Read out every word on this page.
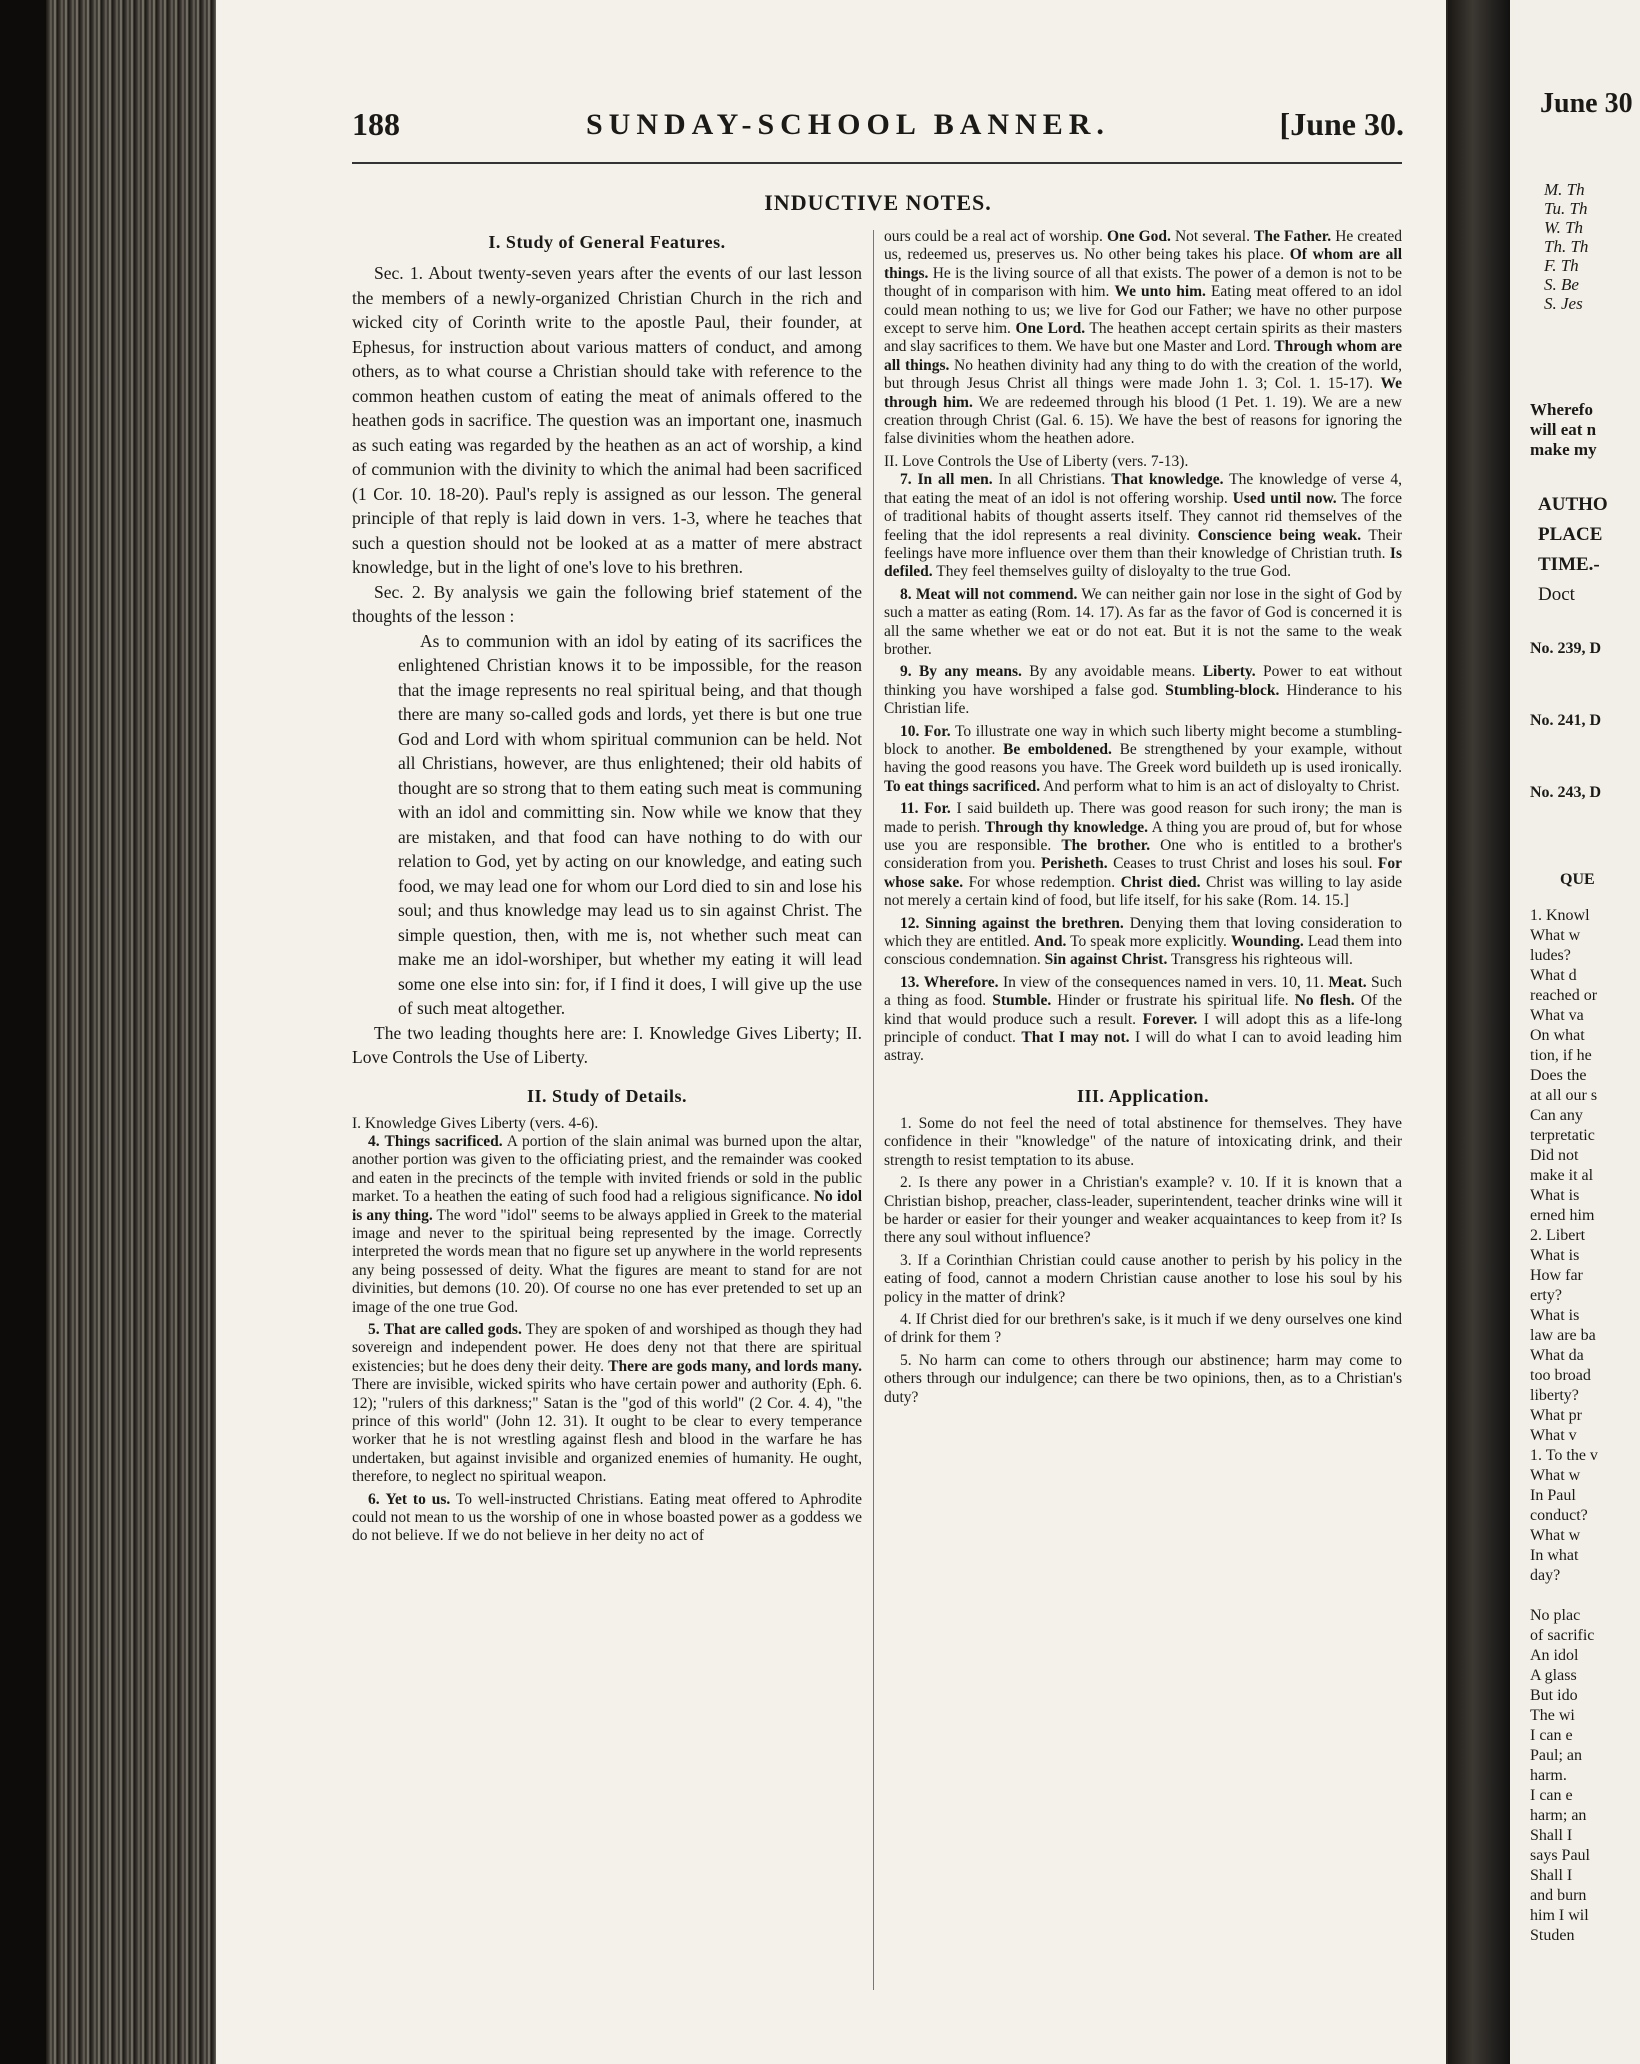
June 30
M. Th
Tu. Th
W. Th
Th. Th
F. Th
S. Be
S. Jes
Wherefo
will eat n
make my
AUTHO
PLACE
TIME.-
Doct
No. 239, D
No. 241, D
No. 243, D
QUE
1. Knowl
What w
ludes?
What d
reached or
What va
On what
tion, if he
Does the
at all our s
Can any
terpretatic
Did not
make it al
What is
erned him
2. Libert
What is
How far
erty?
What is
law are ba
What da
too broad
liberty?
What pr
What v
1. To the v
What w
In Paul
conduct?
What w
In what
day?
No plac
of sacrific
An idol
A glass
But ido
The wi
I can e
Paul; an
harm.
I can e
harm; an
Shall I
says Paul
Shall I
and burn
him I wil
Studen
188	SUNDAY-SCHOOL BANNER.	[June 30.
INDUCTIVE NOTES.
I. Study of General Features.

Sec. 1. About twenty-seven years after the events of our last lesson the members of a newly-organized Christian Church in the rich and wicked city of Corinth write to the apostle Paul, their founder, at Ephesus, for instruction about various matters of conduct, and among others, as to what course a Christian should take with reference to the common heathen custom of eating the meat of animals offered to the heathen gods in sacrifice. The question was an important one, inasmuch as such eating was regarded by the heathen as an act of worship, a kind of communion with the divinity to which the animal had been sacrificed (1 Cor. 10. 18-20). Paul's reply is assigned as our lesson. The general principle of that reply is laid down in vers. 1-3, where he teaches that such a question should not be looked at as a matter of mere abstract knowledge, but in the light of one's love to his brethren.

Sec. 2. By analysis we gain the following brief statement of the thoughts of the lesson :

As to communion with an idol by eating of its sacrifices the enlightened Christian knows it to be impossible, for the reason that the image represents no real spiritual being, and that though there are many so-called gods and lords, yet there is but one true God and Lord with whom spiritual communion can be held. Not all Christians, however, are thus enlightened; their old habits of thought are so strong that to them eating such meat is communing with an idol and committing sin. Now while we know that they are mistaken, and that food can have nothing to do with our relation to God, yet by acting on our knowledge, and eating such food, we may lead one for whom our Lord died to sin and lose his soul; and thus knowledge may lead us to sin against Christ. The simple question, then, with me is, not whether such meat can make me an idol-worshiper, but whether my eating it will lead some one else into sin: for, if I find it does, I will give up the use of such meat altogether.

The two leading thoughts here are: I. Knowledge Gives Liberty; II. Love Controls the Use of Liberty.

II. Study of Details.

I. Knowledge Gives Liberty (vers. 4-6).

4. Things sacrificed. A portion of the slain animal was burned upon the altar, another portion was given to the officiating priest, and the remainder was cooked and eaten in the precincts of the temple with invited friends or sold in the public market. To a heathen the eating of such food had a religious significance. No idol is any thing. The word "idol" seems to be always applied in Greek to the material image and never to the spiritual being represented by the image. Correctly interpreted the words mean that no figure set up anywhere in the world represents any being possessed of deity. What the figures are meant to stand for are not divinities, but demons (10. 20). Of course no one has ever pretended to set up an image of the one true God.

5. That are called gods. They are spoken of and worshiped as though they had sovereign and independent power. He does deny not that there are spiritual existencies; but he does deny their deity. There are gods many, and lords many. There are invisible, wicked spirits who have certain power and authority (Eph. 6. 12); "rulers of this darkness;" Satan is the "god of this world" (2 Cor. 4. 4), "the prince of this world" (John 12. 31). It ought to be clear to every temperance worker that he is not wrestling against flesh and blood in the warfare he has undertaken, but against invisible and organized enemies of humanity. He ought, therefore, to neglect no spiritual weapon.

6. Yet to us. To well-instructed Christians. Eating meat offered to Aphrodite could not mean to us the worship of one in whose boasted power as a goddess we do not believe. If we do not believe in her deity no act of

ours could be a real act of worship. One God. Not several. The Father. He created us, redeemed us, preserves us. No other being takes his place. Of whom are all things. He is the living source of all that exists. The power of a demon is not to be thought of in comparison with him. We unto him. Eating meat offered to an idol could mean nothing to us; we live for God our Father; we have no other purpose except to serve him. One Lord. The heathen accept certain spirits as their masters and slay sacrifices to them. We have but one Master and Lord. Through whom are all things. No heathen divinity had any thing to do with the creation of the world, but through Jesus Christ all things were made John 1. 3; Col. 1. 15-17). We through him. We are redeemed through his blood (1 Pet. 1. 19). We are a new creation through Christ (Gal. 6. 15). We have the best of reasons for ignoring the false divinities whom the heathen adore.

II. Love Controls the Use of Liberty (vers. 7-13).

7. In all men. In all Christians. That knowledge. The knowledge of verse 4, that eating the meat of an idol is not offering worship. Used until now. The force of traditional habits of thought asserts itself. They cannot rid themselves of the feeling that the idol represents a real divinity. Conscience being weak. Their feelings have more influence over them than their knowledge of Christian truth. Is defiled. They feel themselves guilty of disloyalty to the true God.

8. Meat will not commend. We can neither gain nor lose in the sight of God by such a matter as eating (Rom. 14. 17). As far as the favor of God is concerned it is all the same whether we eat or do not eat. But it is not the same to the weak brother.

9. By any means. By any avoidable means. Liberty. Power to eat without thinking you have worshiped a false god. Stumbling-block. Hinderance to his Christian life.

10. For. To illustrate one way in which such liberty might become a stumbling-block to another. Be emboldened. Be strengthened by your example, without having the good reasons you have. The Greek word buildeth up is used ironically. To eat things sacrificed. And perform what to him is an act of disloyalty to Christ.

11. For. I said buildeth up. There was good reason for such irony; the man is made to perish. Through thy knowledge. A thing you are proud of, but for whose use you are responsible. The brother. One who is entitled to a brother's consideration from you. Perisheth. Ceases to trust Christ and loses his soul. For whose sake. For whose redemption. Christ died. Christ was willing to lay aside not merely a certain kind of food, but life itself, for his sake (Rom. 14. 15.]

12. Sinning against the brethren. Denying them that loving consideration to which they are entitled. And. To speak more explicitly. Wounding. Lead them into conscious condemnation. Sin against Christ. Transgress his righteous will.

13. Wherefore. In view of the consequences named in vers. 10, 11. Meat. Such a thing as food. Stumble. Hinder or frustrate his spiritual life. No flesh. Of the kind that would produce such a result. Forever. I will adopt this as a life-long principle of conduct. That I may not. I will do what I can to avoid leading him astray.

III. Application.

1. Some do not feel the need of total abstinence for themselves. They have confidence in their "knowledge" of the nature of intoxicating drink, and their strength to resist temptation to its abuse.

2. Is there any power in a Christian's example? v. 10. If it is known that a Christian bishop, preacher, class-leader, superintendent, teacher drinks wine will it be harder or easier for their younger and weaker acquaintances to keep from it? Is there any soul without influence?

3. If a Corinthian Christian could cause another to perish by his policy in the eating of food, cannot a modern Christian cause another to lose his soul by his policy in the matter of drink?

4. If Christ died for our brethren's sake, is it much if we deny ourselves one kind of drink for them ?

5. No harm can come to others through our abstinence; harm may come to others through our indulgence; can there be two opinions, then, as to a Christian's duty?
